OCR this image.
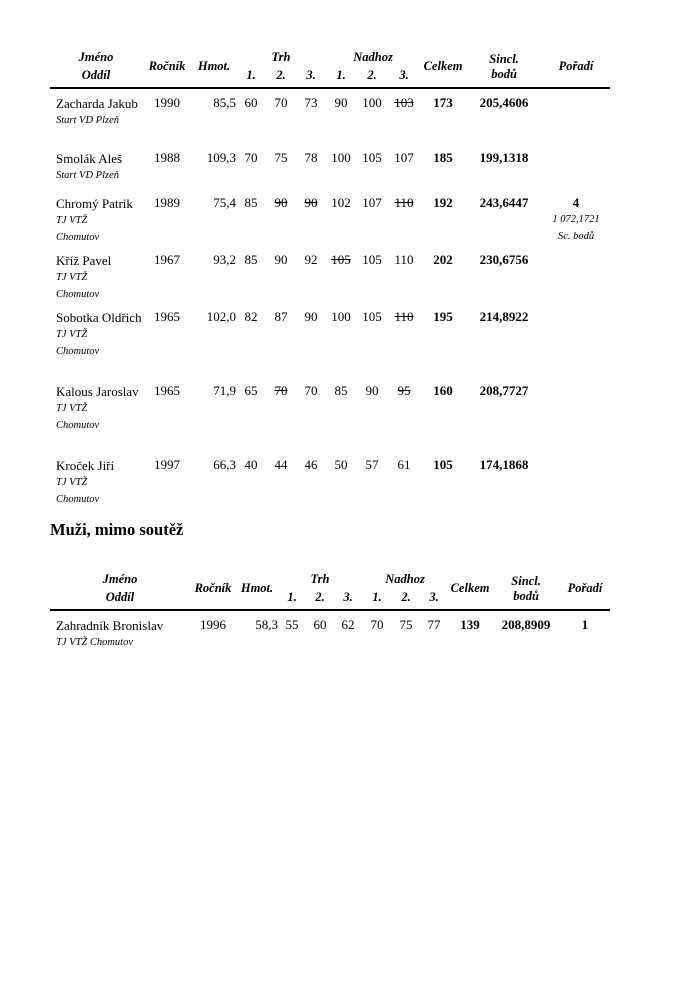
Jméno	Ročník	Hmot.	Trh			Nadhoz			Celkem	Sincl.
bodů	Pořadí
Oddíl			1.	2.	3.	1.	2.	3.			

Zacharda Jakub
Start VD Plzeň	1990	85,5	60	70	73	90	100	103	173	205,4606	

Smolák Aleš
Start VD Plzeň	1988	109,3	70	75	78	100	105	107	185	199,1318	

Chromý Patrik
TJ VTŽ Chomutov	1989	75,4	85	90	90	102	107	110	192	243,6447	4
1 072,1721
Sc. bodů

Kříž Pavel
TJ VTŽ Chomutov	1967	93,2	85	90	92	105	105	110	202	230,6756	

Sobotka Oldřich
TJ VTŽ Chomutov	1965	102,0	82	87	90	100	105	110	195	214,8922	

Kalous Jaroslav
TJ VTŽ Chomutov	1965	71,9	65	70	70	85	90	95	160	208,7727	

Kroček Jiří
TJ VTŽ Chomutov	1997	66,3	40	44	46	50	57	61	105	174,1868	
Muži, mimo soutěž
Jméno	Ročník	Hmot.	Trh			Nadhoz			Celkem	Sincl.
bodů	Pořadí
Oddíl			1.	2.	3.	1.	2.	3.			

Zahradník Bronislav
TJ VTŽ Chomutov	1996	58,3	55	60	62	70	75	77	139	208,8909	1
